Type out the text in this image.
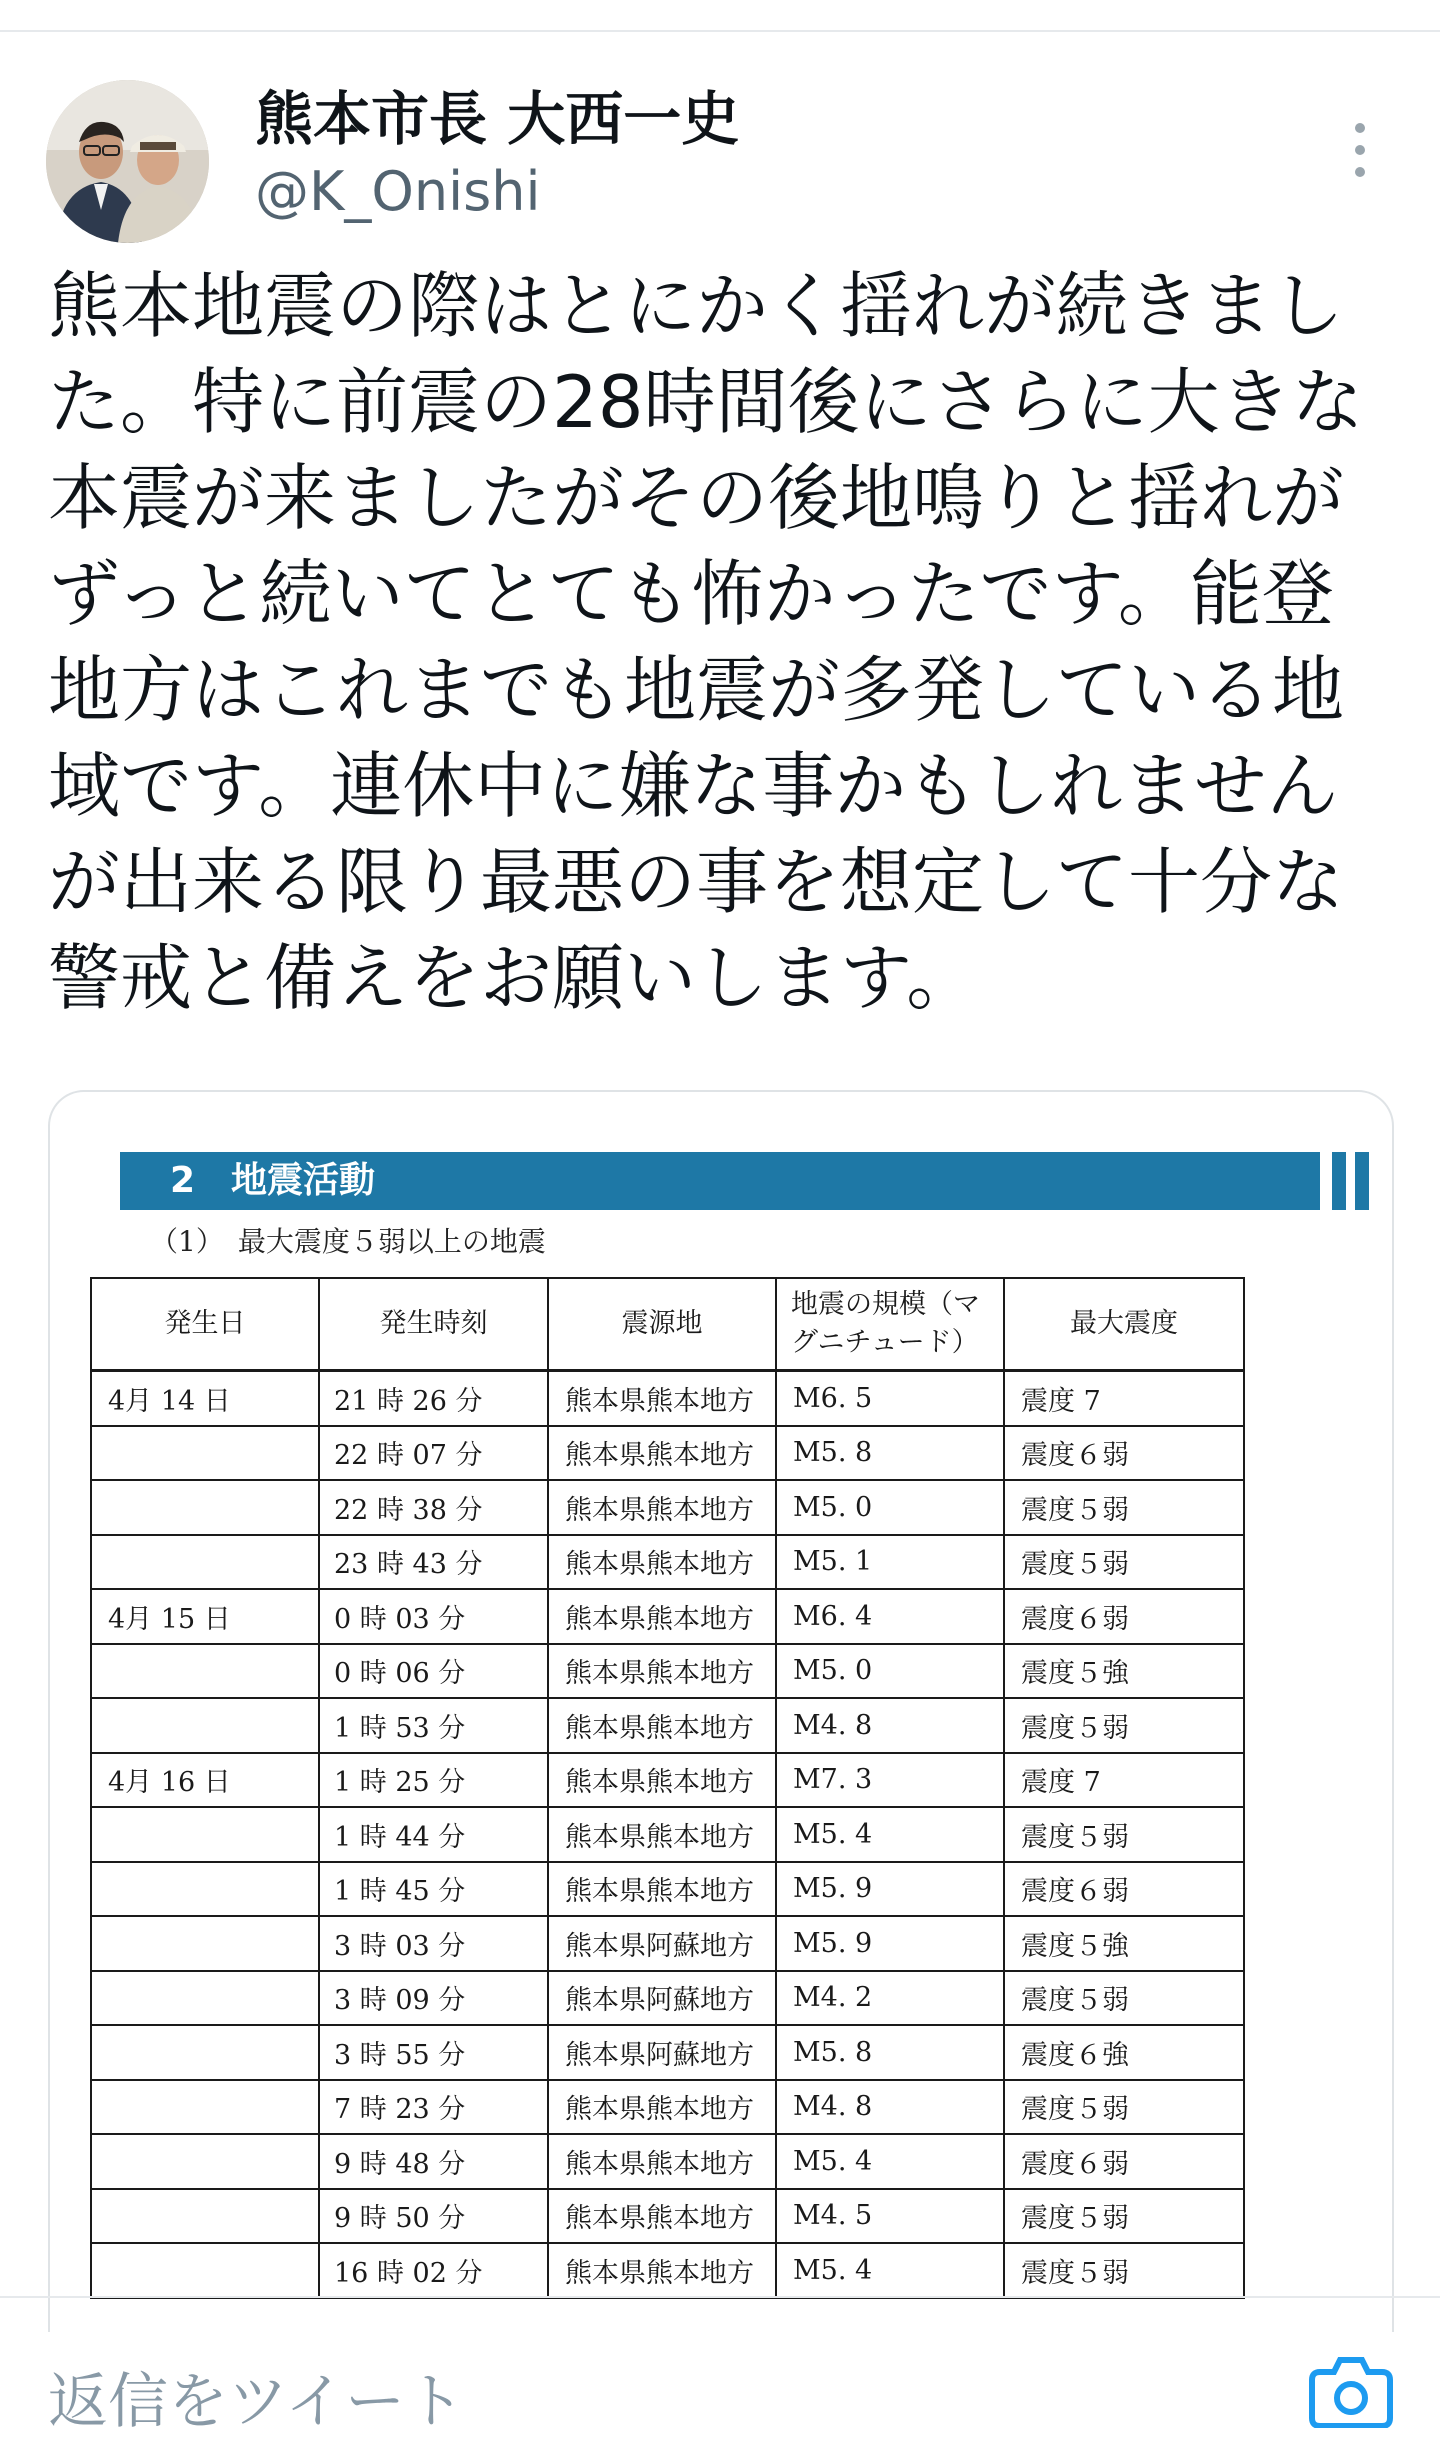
熊本市長 大西一史
@K_Onishi
熊本地震の際はとにかく揺れが続きました。特に前震の28時間後にさらに大きな本震が来ましたがその後地鳴りと揺れがずっと続いてとても怖かったです。能登地方はこれまでも地震が多発している地域です。連休中に嫌な事かもしれませんが出来る限り最悪の事を想定して十分な警戒と備えをお願いします。
2　地震活動
（1）　最大震度５弱以上の地震
発生日	発生時刻	震源地	地震の規模（マグニチュード）	最大震度
4月 14 日	21 時 26 分	熊本県熊本地方	M6. 5	震度 7
	22 時 07 分	熊本県熊本地方	M5. 8	震度６弱
	22 時 38 分	熊本県熊本地方	M5. 0	震度５弱
	23 時 43 分	熊本県熊本地方	M5. 1	震度５弱
4月 15 日	0 時 03 分	熊本県熊本地方	M6. 4	震度６弱
	0 時 06 分	熊本県熊本地方	M5. 0	震度５強
	1 時 53 分	熊本県熊本地方	M4. 8	震度５弱
4月 16 日	1 時 25 分	熊本県熊本地方	M7. 3	震度 7
	1 時 44 分	熊本県熊本地方	M5. 4	震度５弱
	1 時 45 分	熊本県熊本地方	M5. 9	震度６弱
	3 時 03 分	熊本県阿蘇地方	M5. 9	震度５強
	3 時 09 分	熊本県阿蘇地方	M4. 2	震度５弱
	3 時 55 分	熊本県阿蘇地方	M5. 8	震度６強
	7 時 23 分	熊本県熊本地方	M4. 8	震度５弱
	9 時 48 分	熊本県熊本地方	M5. 4	震度６弱
	9 時 50 分	熊本県熊本地方	M4. 5	震度５弱
	16 時 02 分	熊本県熊本地方	M5. 4	震度５弱
返信をツイート
